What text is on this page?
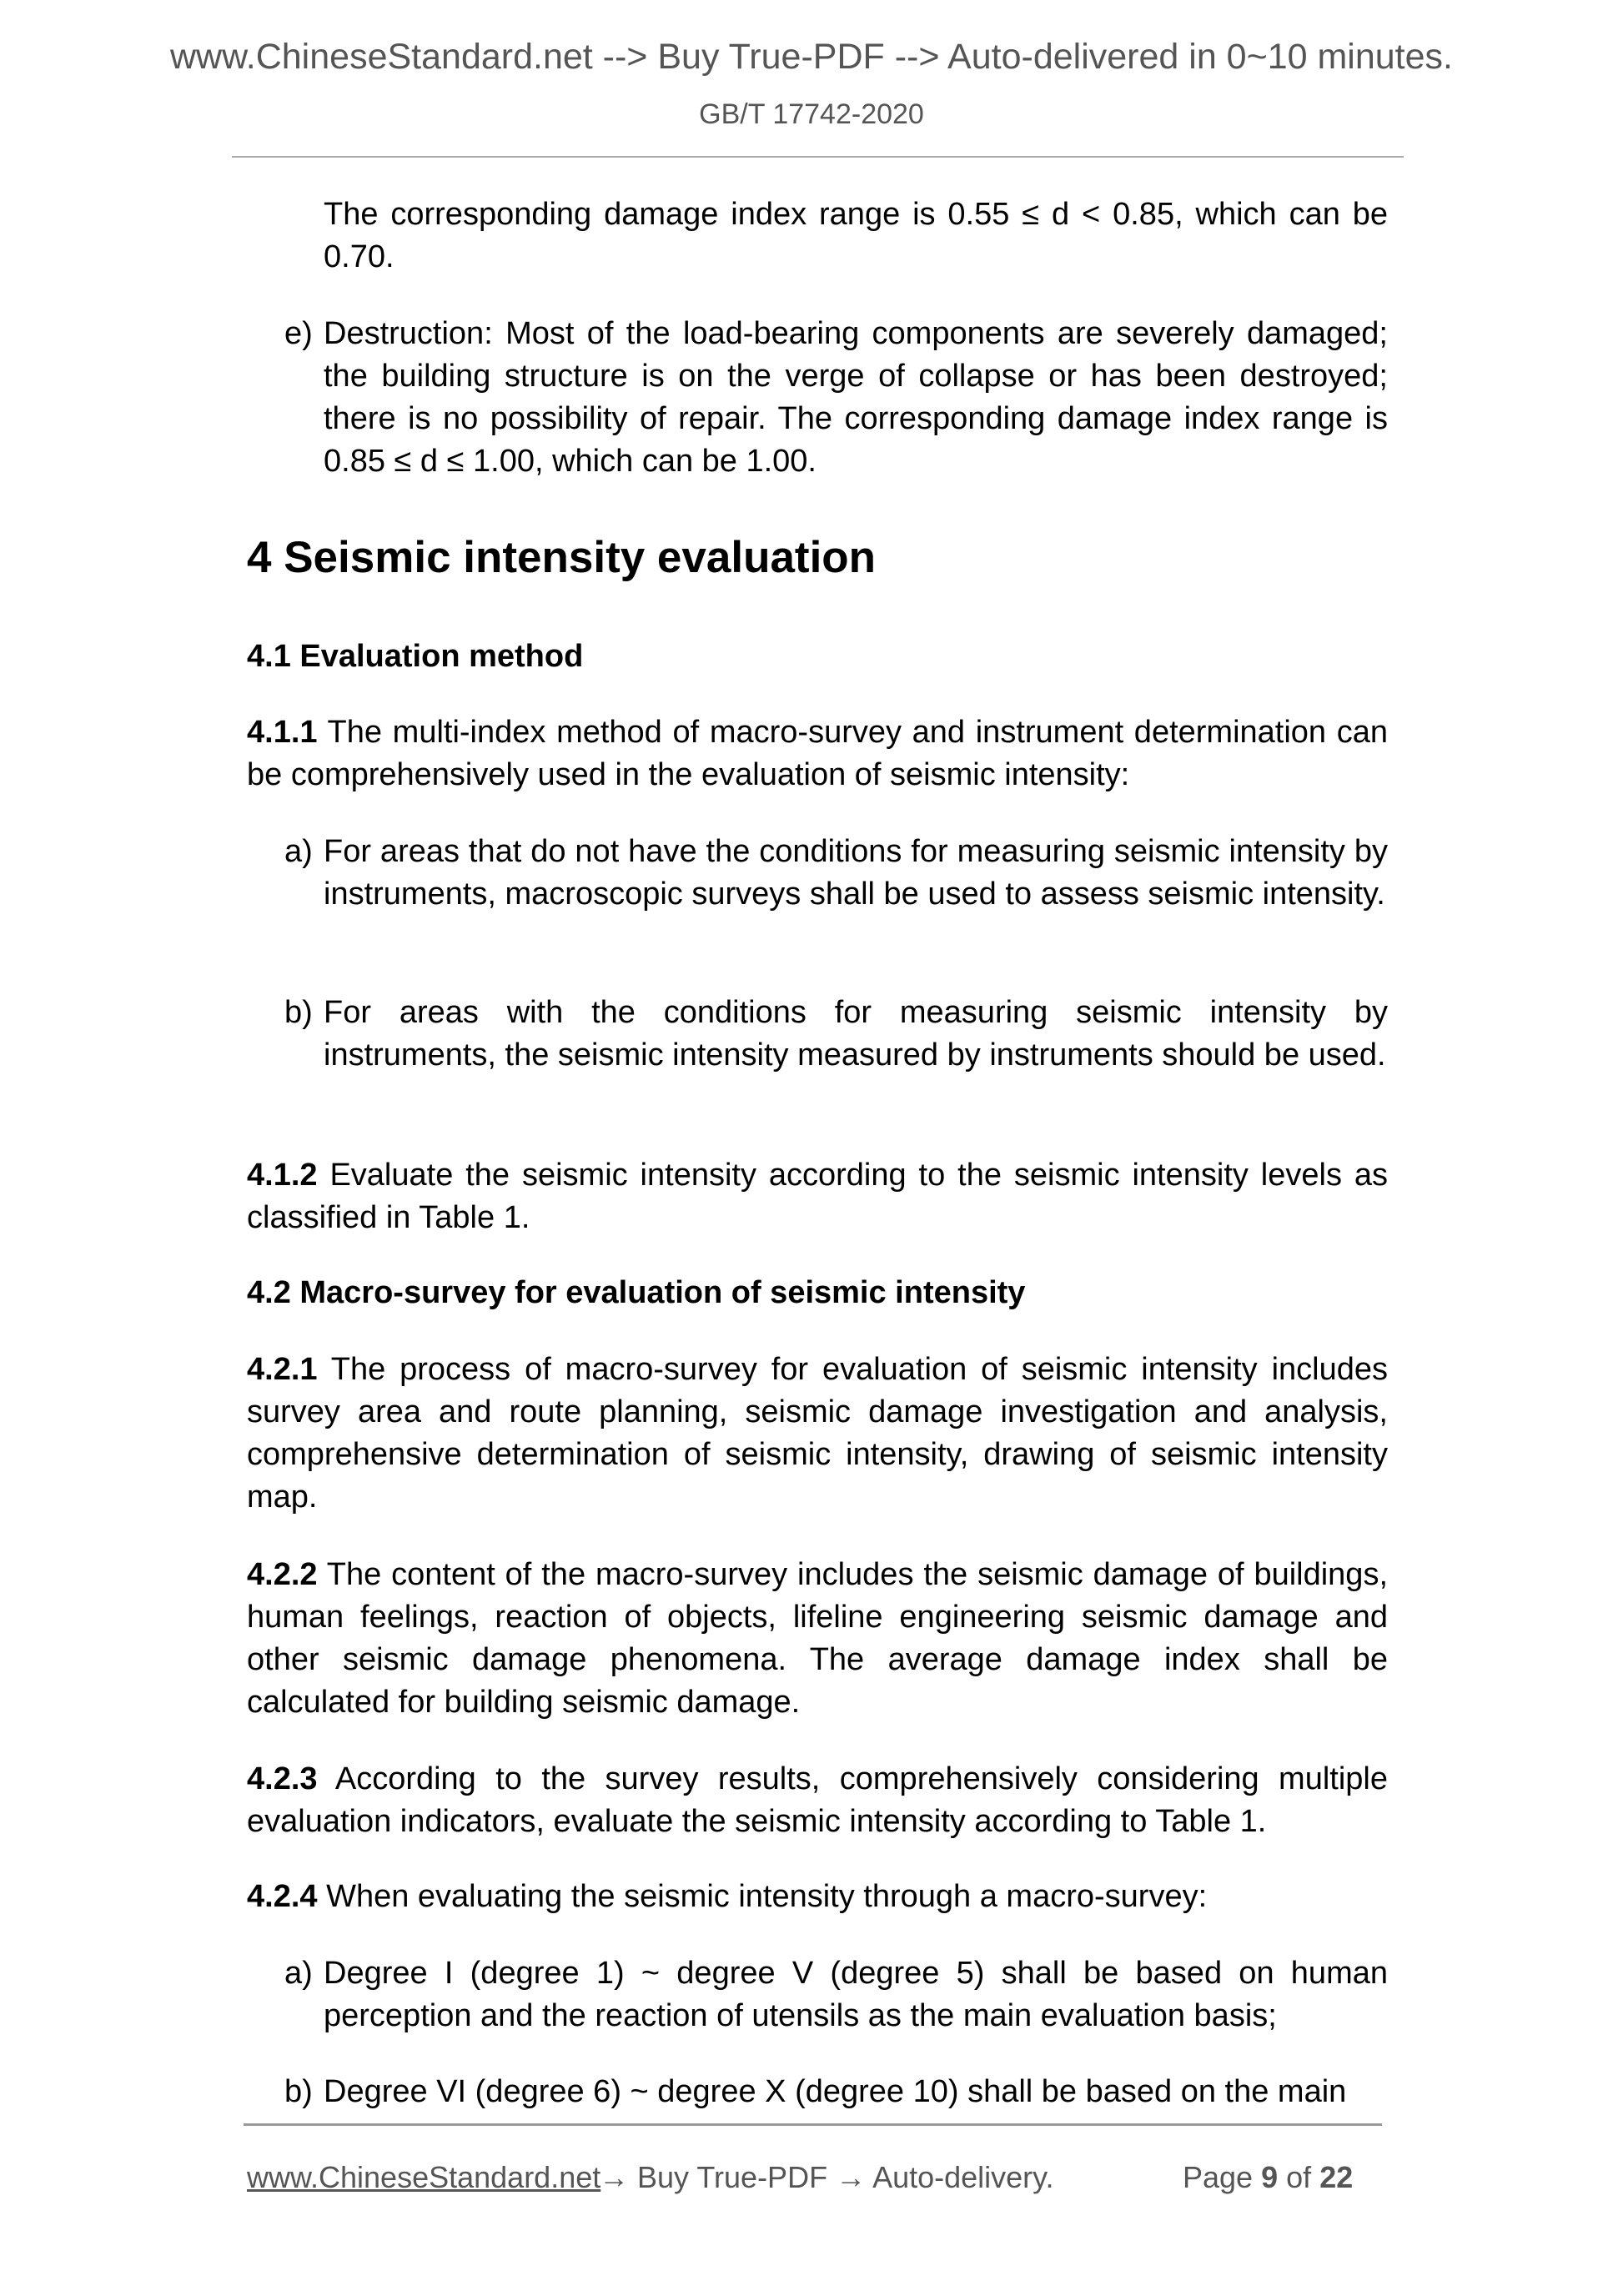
www.ChineseStandard.net --> Buy True-PDF --> Auto-delivered in 0~10 minutes.
GB/T 17742-2020
The corresponding damage index range is 0.55 ≤ d < 0.85, which can be 0.70.
e) Destruction: Most of the load-bearing components are severely damaged; the building structure is on the verge of collapse or has been destroyed; there is no possibility of repair. The corresponding damage index range is 0.85 ≤ d ≤ 1.00, which can be 1.00.
4 Seismic intensity evaluation
4.1 Evaluation method
4.1.1 The multi-index method of macro-survey and instrument determination can be comprehensively used in the evaluation of seismic intensity:
a) For areas that do not have the conditions for measuring seismic intensity by instruments, macroscopic surveys shall be used to assess seismic intensity.
b) For areas with the conditions for measuring seismic intensity by instruments, the seismic intensity measured by instruments should be used.
4.1.2 Evaluate the seismic intensity according to the seismic intensity levels as classified in Table 1.
4.2 Macro-survey for evaluation of seismic intensity
4.2.1 The process of macro-survey for evaluation of seismic intensity includes survey area and route planning, seismic damage investigation and analysis, comprehensive determination of seismic intensity, drawing of seismic intensity map.
4.2.2 The content of the macro-survey includes the seismic damage of buildings, human feelings, reaction of objects, lifeline engineering seismic damage and other seismic damage phenomena. The average damage index shall be calculated for building seismic damage.
4.2.3 According to the survey results, comprehensively considering multiple evaluation indicators, evaluate the seismic intensity according to Table 1.
4.2.4 When evaluating the seismic intensity through a macro-survey:
a) Degree I (degree 1) ~ degree V (degree 5) shall be based on human perception and the reaction of utensils as the main evaluation basis;
b) Degree VI (degree 6) ~ degree X (degree 10) shall be based on the main
www.ChineseStandard.net
→ Buy True-PDF → Auto-delivery.	Page 9 of 22
